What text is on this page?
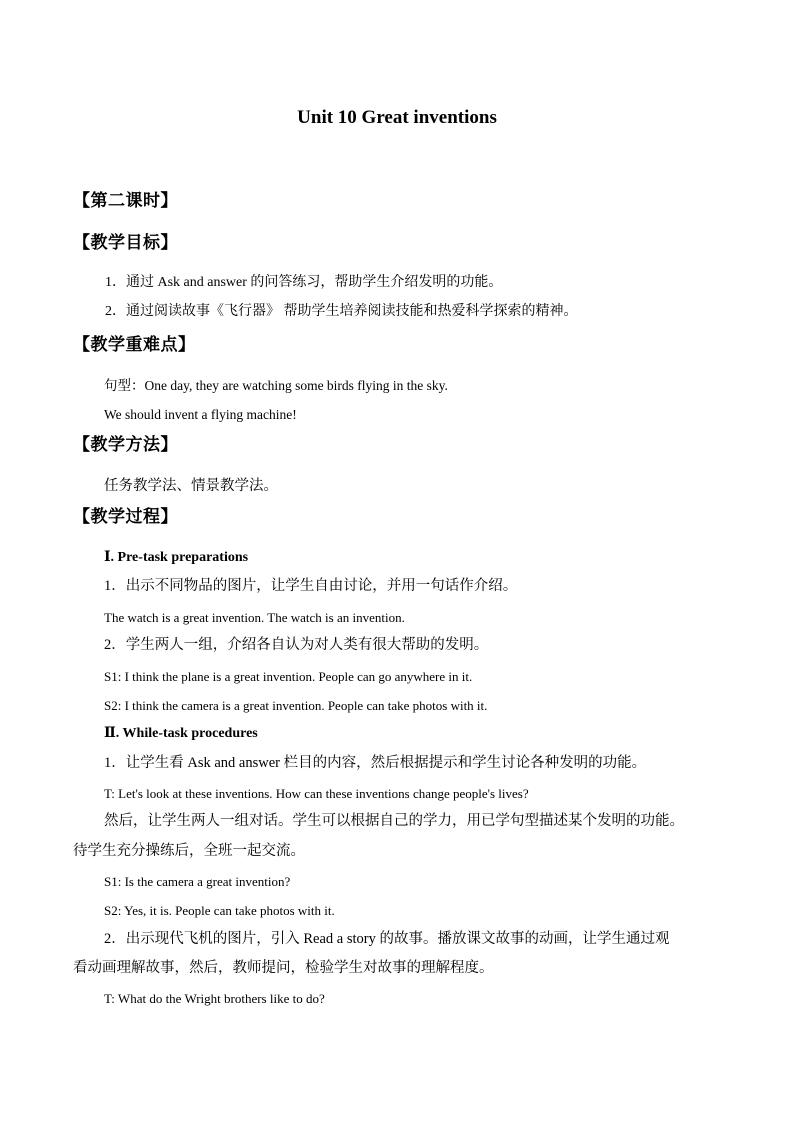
Unit 10 Great inventions
【第二课时】
【教学目标】
1．通过 Ask and answer 的问答练习，帮助学生介绍发明的功能。
2．通过阅读故事《飞行器》 帮助学生培养阅读技能和热爱科学探索的精神。
【教学重难点】
句型：One day, they are watching some birds flying in the sky.
We should invent a flying machine!
【教学方法】
任务教学法、情景教学法。
【教学过程】
Ⅰ. Pre-task preparations
1．出示不同物品的图片，让学生自由讨论，并用一句话作介绍。
The watch is a great invention. The watch is an invention.
2．学生两人一组，介绍各自认为对人类有很大帮助的发明。
S1: I think the plane is a great invention. People can go anywhere in it.
S2: I think the camera is a great invention. People can take photos with it.
Ⅱ. While-task procedures
1．让学生看 Ask and answer 栏目的内容，然后根据提示和学生讨论各种发明的功能。
T: Let's look at these inventions. How can these inventions change people's lives?
然后，让学生两人一组对话。学生可以根据自己的学力，用已学句型描述某个发明的功能。
待学生充分操练后，全班一起交流。
S1: Is the camera a great invention?
S2: Yes, it is. People can take photos with it.
2．出示现代飞机的图片，引入 Read a story 的故事。播放课文故事的动画，让学生通过观
看动画理解故事，然后，教师提问，检验学生对故事的理解程度。
T: What do the Wright brothers like to do?
